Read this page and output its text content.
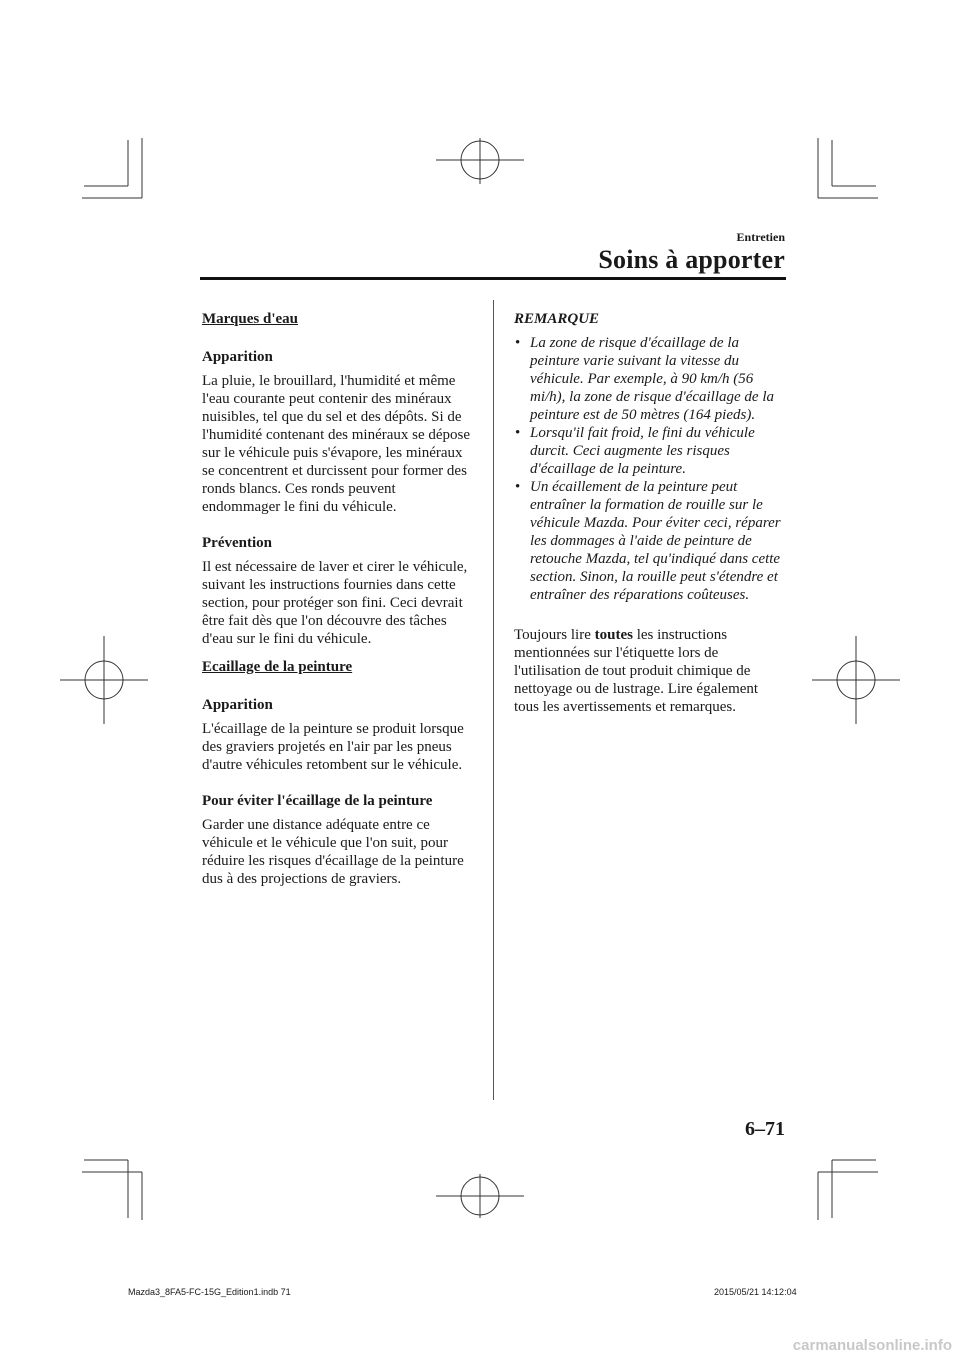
Entretien
Soins à apporter
Marques d'eau
Apparition

La pluie, le brouillard, l'humidité et même l'eau courante peut contenir des minéraux nuisibles, tel que du sel et des dépôts. Si de l'humidité contenant des minéraux se dépose sur le véhicule puis s'évapore, les minéraux se concentrent et durcissent pour former des ronds blancs. Ces ronds peuvent endommager le fini du véhicule.

Prévention

Il est nécessaire de laver et cirer le véhicule, suivant les instructions fournies dans cette section, pour protéger son fini. Ceci devrait être fait dès que l'on découvre des tâches d'eau sur le fini du véhicule.

Ecaillage de la peinture
Apparition

L'écaillage de la peinture se produit lorsque des graviers projetés en l'air par les pneus d'autre véhicules retombent sur le véhicule.

Pour éviter l'écaillage de la peinture

Garder une distance adéquate entre ce véhicule et le véhicule que l'on suit, pour réduire les risques d'écaillage de la peinture dus à des projections de graviers.

REMARQUE
• La zone de risque d'écaillage de la peinture varie suivant la vitesse du véhicule. Par exemple, à 90 km/h (56 mi/h), la zone de risque d'écaillage de la peinture est de 50 mètres (164 pieds).
• Lorsqu'il fait froid, le fini du véhicule durcit. Ceci augmente les risques d'écaillage de la peinture.
• Un écaillement de la peinture peut entraîner la formation de rouille sur le véhicule Mazda. Pour éviter ceci, réparer les dommages à l'aide de peinture de retouche Mazda, tel qu'indiqué dans cette section. Sinon, la rouille peut s'étendre et entraîner des réparations coûteuses.

Toujours lire toutes les instructions mentionnées sur l'étiquette lors de l'utilisation de tout produit chimique de nettoyage ou de lustrage. Lire également tous les avertissements et remarques.

6–71
Mazda3_8FA5-FC-15G_Edition1.indb 71	2015/05/21 14:12:04
carmanualsonline.info
